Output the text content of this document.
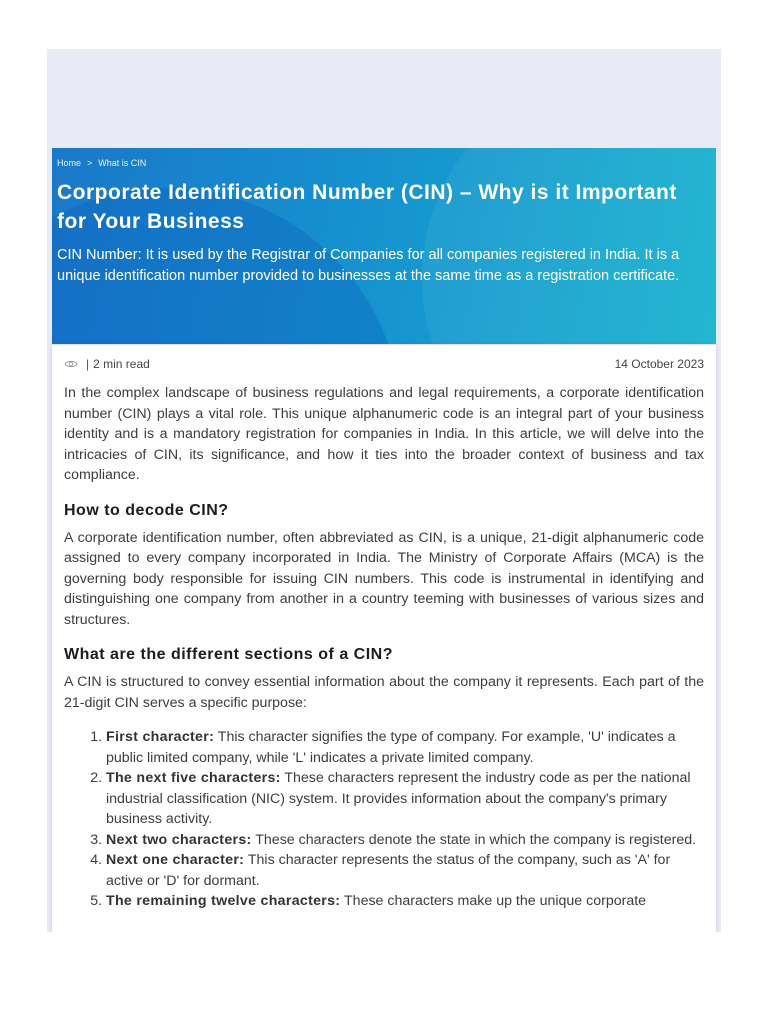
Home > What is CIN
Corporate Identification Number (CIN) – Why is it Important for Your Business

CIN Number: It is used by the Registrar of Companies for all companies registered in India. It is a unique identification number provided to businesses at the same time as a registration certificate.

| 2 min read	14 October 2023

In the complex landscape of business regulations and legal requirements, a corporate identification number (CIN) plays a vital role. This unique alphanumeric code is an integral part of your business identity and is a mandatory registration for companies in India. In this article, we will delve into the intricacies of CIN, its significance, and how it ties into the broader context of business and tax compliance.

How to decode CIN?

A corporate identification number, often abbreviated as CIN, is a unique, 21-digit alphanumeric code assigned to every company incorporated in India. The Ministry of Corporate Affairs (MCA) is the governing body responsible for issuing CIN numbers. This code is instrumental in identifying and distinguishing one company from another in a country teeming with businesses of various sizes and structures.

What are the different sections of a CIN?

A CIN is structured to convey essential information about the company it represents. Each part of the 21-digit CIN serves a specific purpose:

1. First character: This character signifies the type of company. For example, 'U' indicates a public limited company, while 'L' indicates a private limited company.
2. The next five characters: These characters represent the industry code as per the national industrial classification (NIC) system. It provides information about the company's primary business activity.
3. Next two characters: These characters denote the state in which the company is registered.
4. Next one character: This character represents the status of the company, such as 'A' for active or 'D' for dormant.
5. The remaining twelve characters: These characters make up the unique corporate
